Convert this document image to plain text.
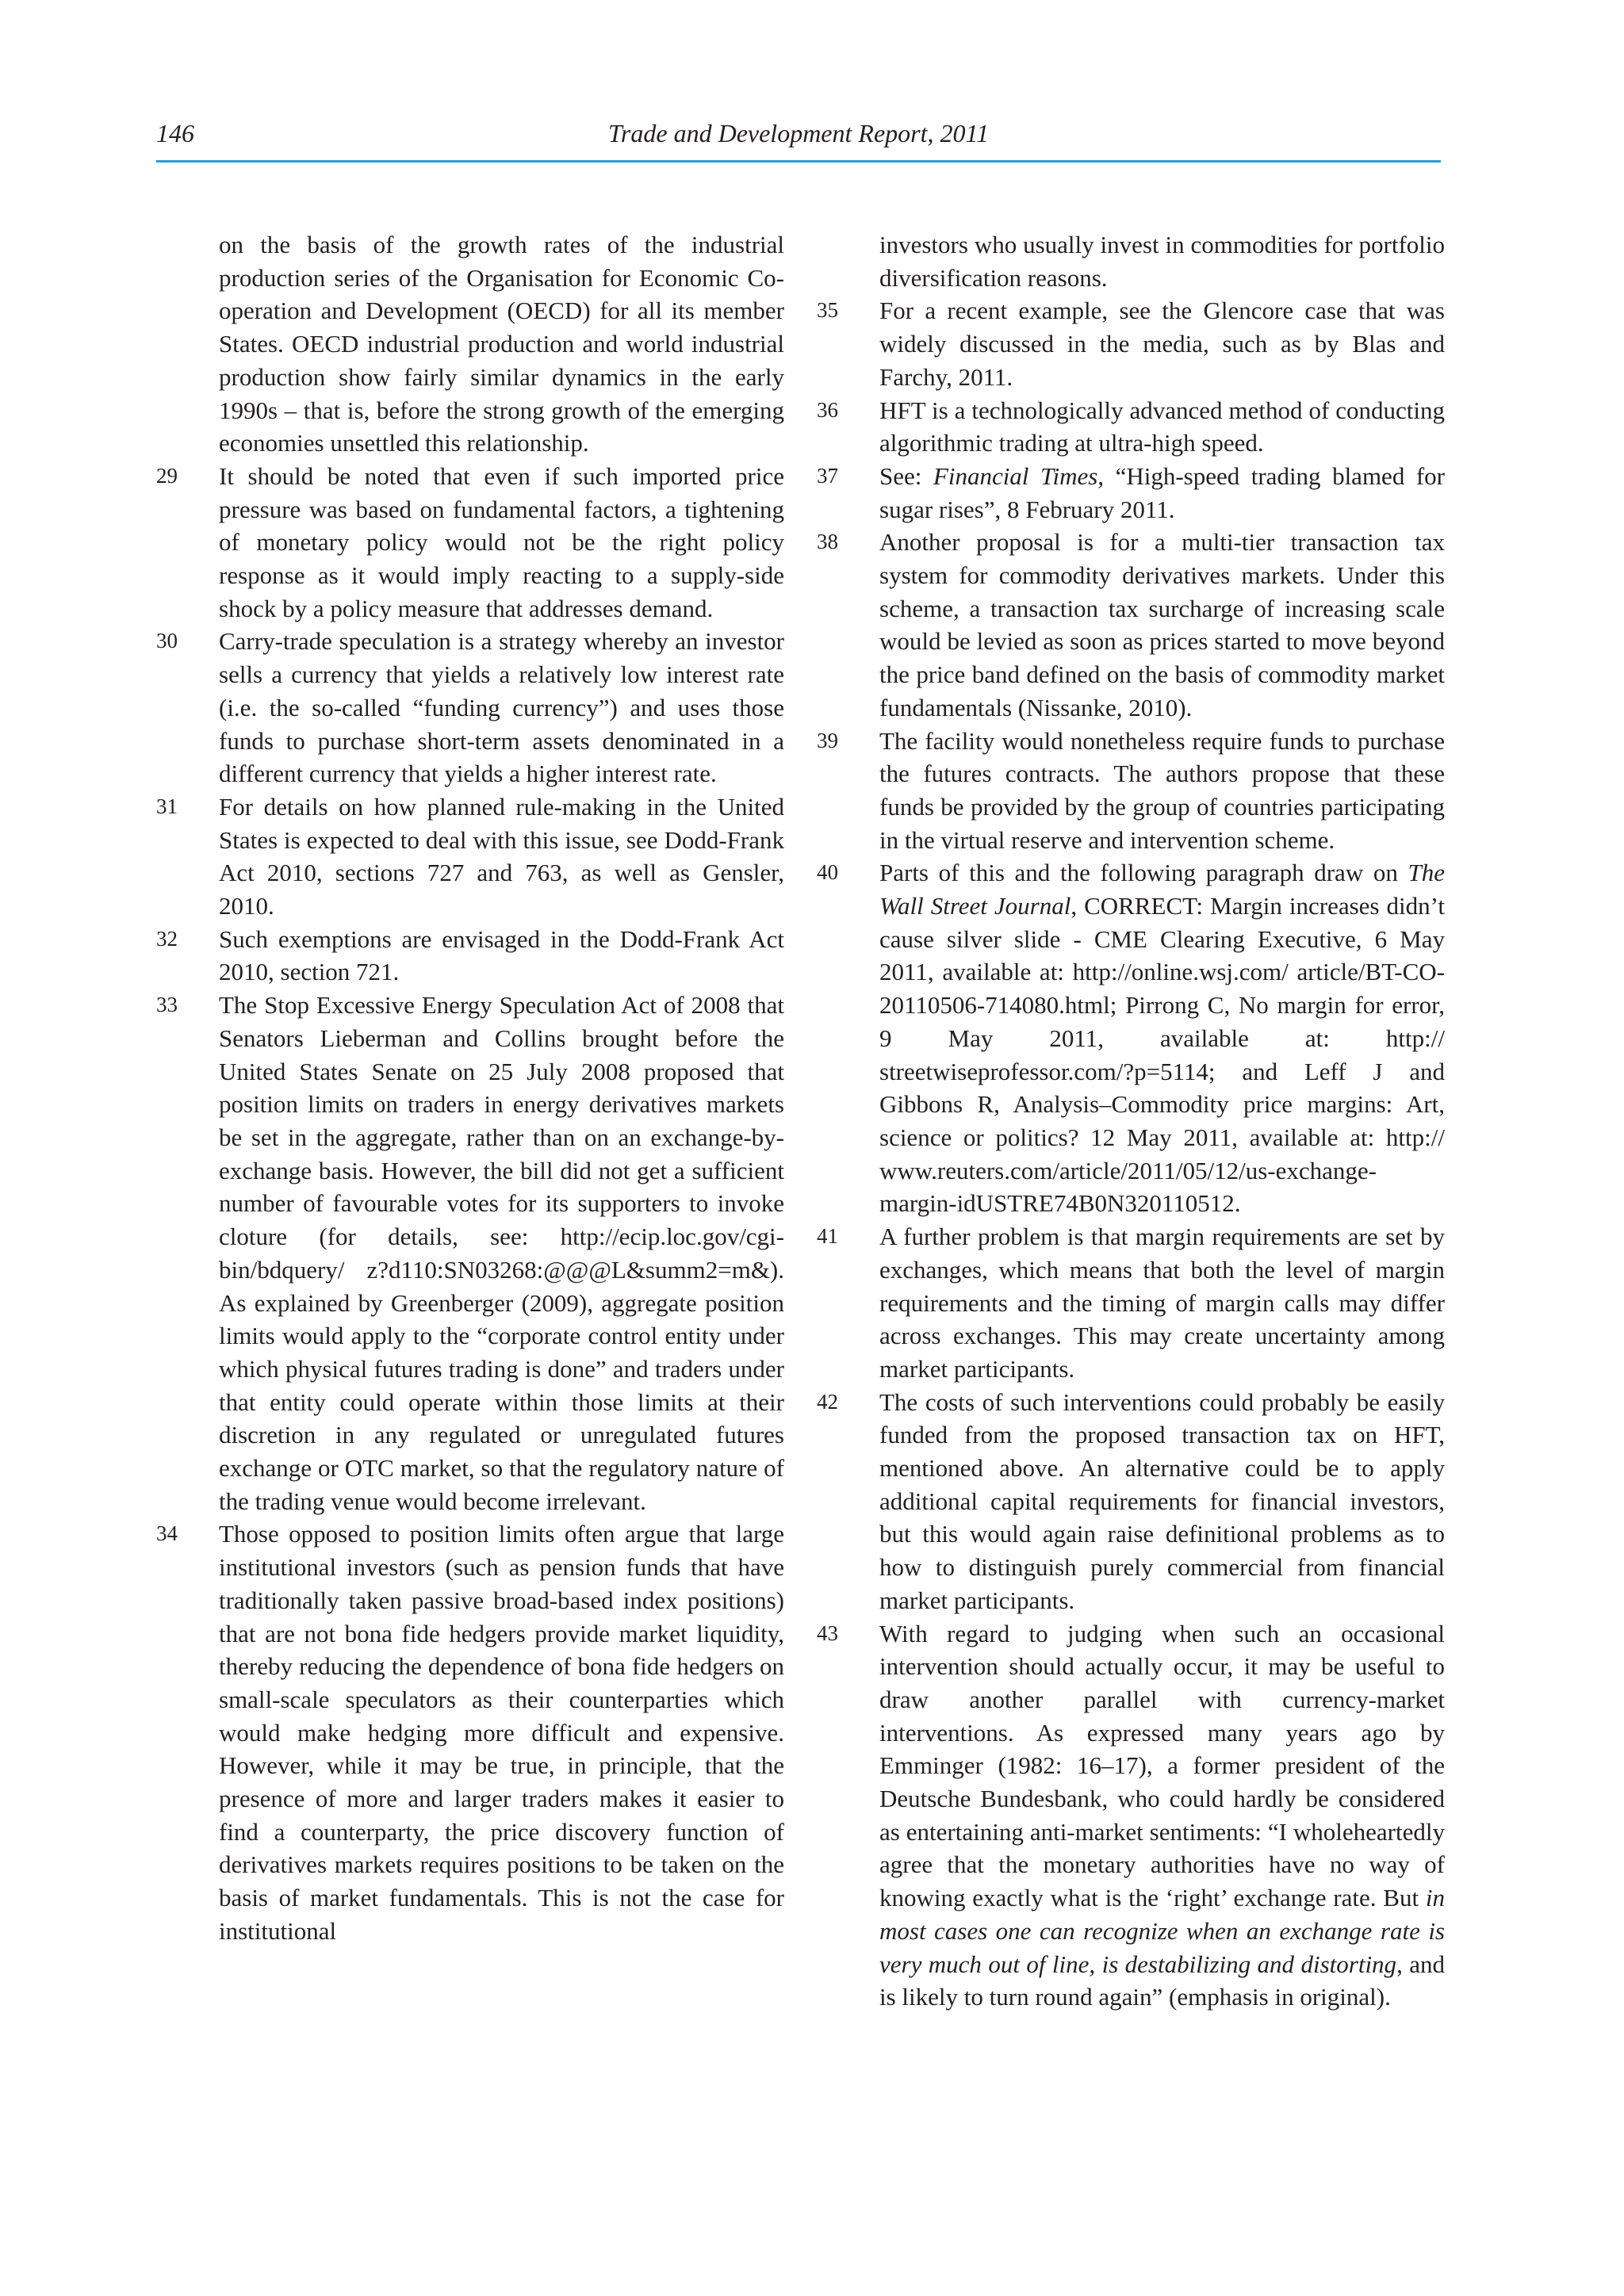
146	Trade and Development Report, 2011
on the basis of the growth rates of the industrial production series of the Organisation for Economic Co-operation and Development (OECD) for all its member States. OECD industrial production and world industrial production show fairly similar dynamics in the early 1990s – that is, before the strong growth of the emerging economies unsettled this relationship.
29 It should be noted that even if such imported price pressure was based on fundamental factors, a tightening of monetary policy would not be the right policy response as it would imply reacting to a supply-side shock by a policy measure that addresses demand.
30 Carry-trade speculation is a strategy whereby an investor sells a currency that yields a relatively low interest rate (i.e. the so-called “funding currency”) and uses those funds to purchase short-term assets denominated in a different currency that yields a higher interest rate.
31 For details on how planned rule-making in the United States is expected to deal with this issue, see Dodd-Frank Act 2010, sections 727 and 763, as well as Gensler, 2010.
32 Such exemptions are envisaged in the Dodd-Frank Act 2010, section 721.
33 The Stop Excessive Energy Speculation Act of 2008 that Senators Lieberman and Collins brought before the United States Senate on 25 July 2008 proposed that position limits on traders in energy derivatives markets be set in the aggregate, rather than on an exchange-by-exchange basis. However, the bill did not get a sufficient number of favourable votes for its supporters to invoke cloture (for details, see: http://ecip.loc.gov/cgi-bin/bdquery/ z?d110:SN03268:@@@L&summ2=m&). As explained by Greenberger (2009), aggregate position limits would apply to the “corporate control entity under which physical futures trading is done” and traders under that entity could operate within those limits at their discretion in any regulated or unregulated futures exchange or OTC market, so that the regulatory nature of the trading venue would become irrelevant.
34 Those opposed to position limits often argue that large institutional investors (such as pension funds that have traditionally taken passive broad-based index positions) that are not bona fide hedgers provide market liquidity, thereby reducing the dependence of bona fide hedgers on small-scale speculators as their counterparties which would make hedging more difficult and expensive. However, while it may be true, in principle, that the presence of more and larger traders makes it easier to find a counterparty, the price discovery function of derivatives markets requires positions to be taken on the basis of market fundamentals. This is not the case for institutional
investors who usually invest in commodities for portfolio diversification reasons.
35 For a recent example, see the Glencore case that was widely discussed in the media, such as by Blas and Farchy, 2011.
36 HFT is a technologically advanced method of conducting algorithmic trading at ultra-high speed.
37 See: Financial Times, “High-speed trading blamed for sugar rises”, 8 February 2011.
38 Another proposal is for a multi-tier transaction tax system for commodity derivatives markets. Under this scheme, a transaction tax surcharge of increasing scale would be levied as soon as prices started to move beyond the price band defined on the basis of commodity market fundamentals (Nissanke, 2010).
39 The facility would nonetheless require funds to purchase the futures contracts. The authors propose that these funds be provided by the group of countries participating in the virtual reserve and intervention scheme.
40 Parts of this and the following paragraph draw on The Wall Street Journal, CORRECT: Margin increases didn’t cause silver slide - CME Clearing Executive, 6 May 2011, available at: http://online.wsj.com/ article/BT-CO-20110506-714080.html; Pirrong C, No margin for error, 9 May 2011, available at: http:// streetwiseprofessor.com/?p=5114; and Leff J and Gibbons R, Analysis–Commodity price margins: Art, science or politics? 12 May 2011, available at: http:// www.reuters.com/article/2011/05/12/us-exchange-margin-idUSTRE74B0N320110512.
41 A further problem is that margin requirements are set by exchanges, which means that both the level of margin requirements and the timing of margin calls may differ across exchanges. This may create uncertainty among market participants.
42 The costs of such interventions could probably be easily funded from the proposed transaction tax on HFT, mentioned above. An alternative could be to apply additional capital requirements for financial investors, but this would again raise definitional problems as to how to distinguish purely commercial from financial market participants.
43 With regard to judging when such an occasional intervention should actually occur, it may be useful to draw another parallel with currency-market interventions. As expressed many years ago by Emminger (1982: 16–17), a former president of the Deutsche Bundesbank, who could hardly be considered as entertaining anti-market sentiments: “I wholeheartedly agree that the monetary authorities have no way of knowing exactly what is the ‘right’ exchange rate. But in most cases one can recognize when an exchange rate is very much out of line, is destabilizing and distorting, and is likely to turn round again” (emphasis in original).
